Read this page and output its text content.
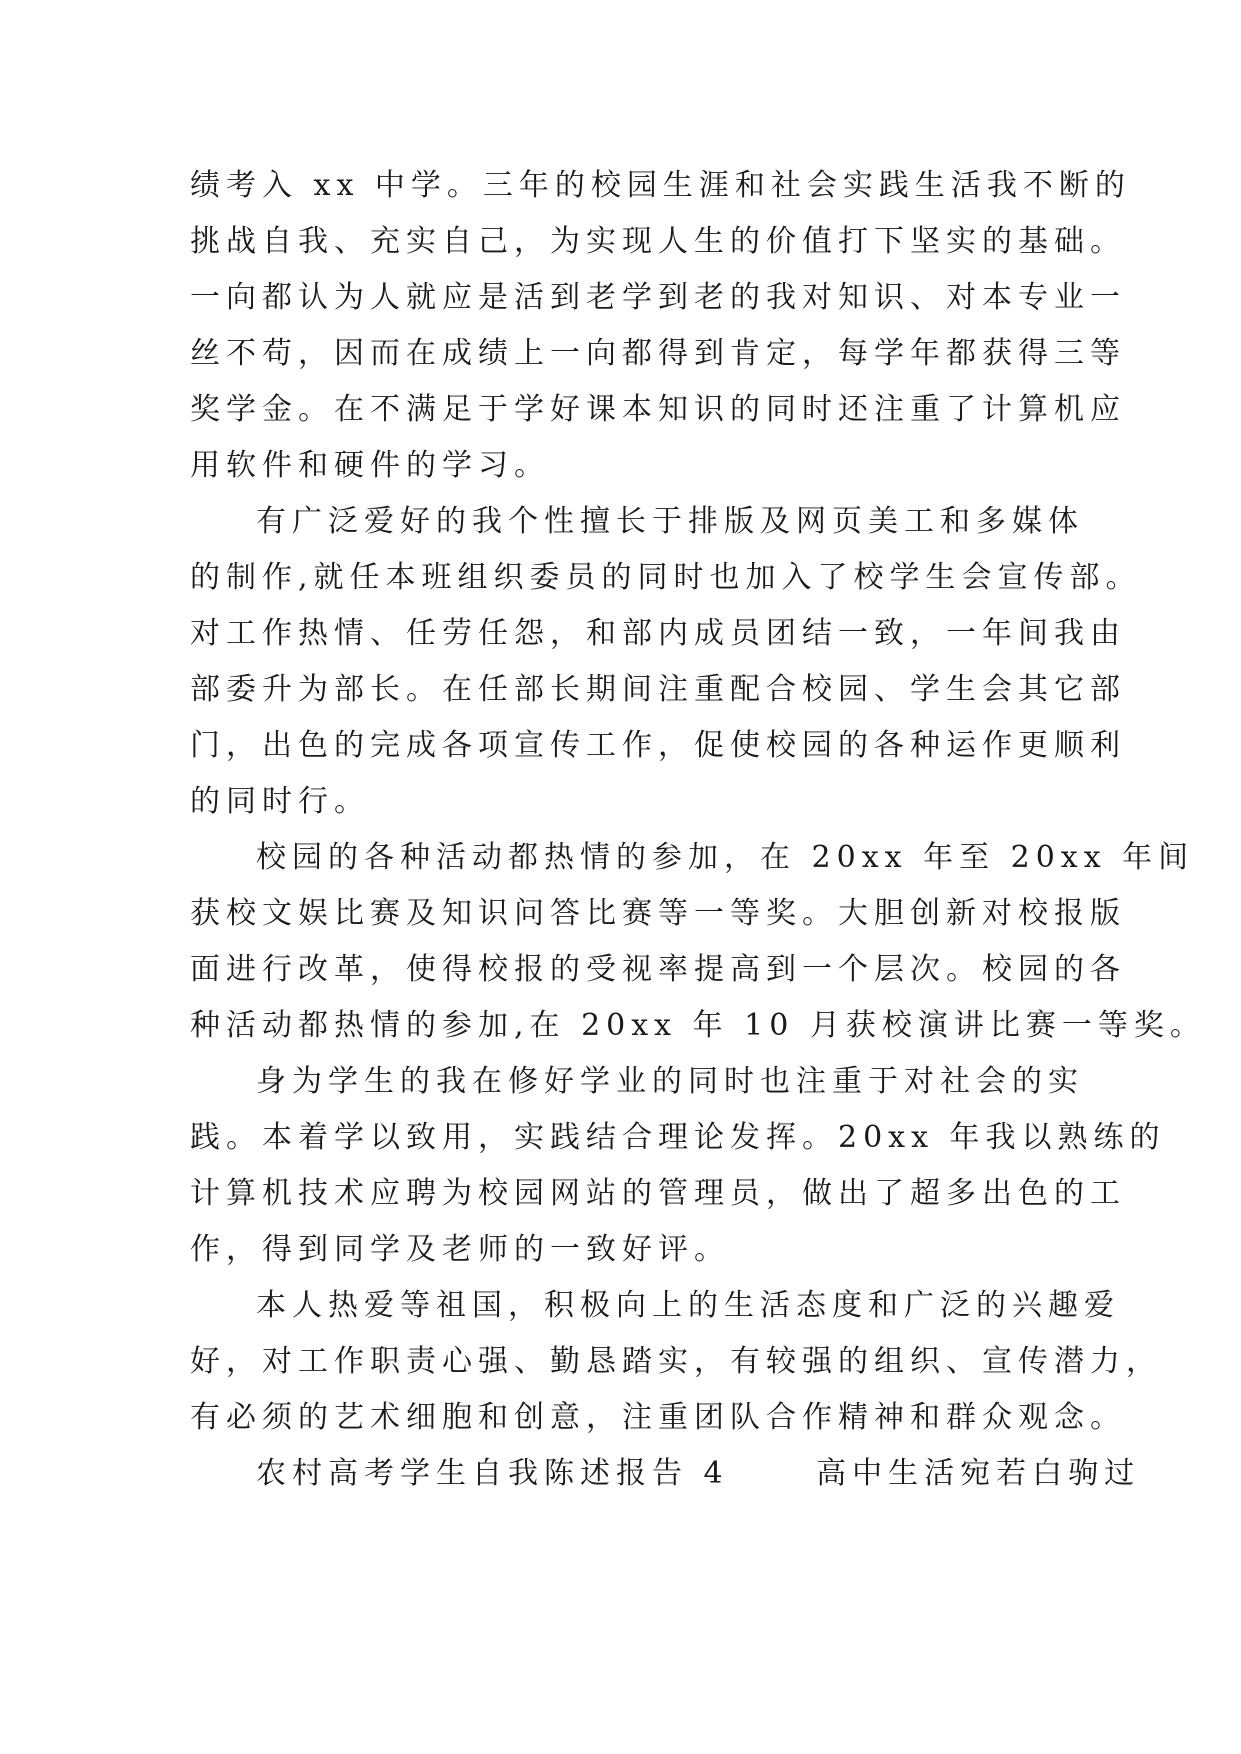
绩考入 xx 中学。三年的校园生涯和社会实践生活我不断的

挑战自我、充实自己，为实现人生的价值打下坚实的基础。

一向都认为人就应是活到老学到老的我对知识、对本专业一

丝不苟，因而在成绩上一向都得到肯定，每学年都获得三等

奖学金。在不满足于学好课本知识的同时还注重了计算机应

用软件和硬件的学习。

有广泛爱好的我个性擅长于排版及网页美工和多媒体

的制作,就任本班组织委员的同时也加入了校学生会宣传部。

对工作热情、任劳任怨，和部内成员团结一致，一年间我由

部委升为部长。在任部长期间注重配合校园、学生会其它部

门，出色的完成各项宣传工作，促使校园的各种运作更顺利

的同时行。

校园的各种活动都热情的参加，在 20xx 年至 20xx 年间

获校文娱比赛及知识问答比赛等一等奖。大胆创新对校报版

面进行改革，使得校报的受视率提高到一个层次。校园的各

种活动都热情的参加,在 20xx 年 10 月获校演讲比赛一等奖。

身为学生的我在修好学业的同时也注重于对社会的实

践。本着学以致用，实践结合理论发挥。20xx 年我以熟练的

计算机技术应聘为校园网站的管理员，做出了超多出色的工

作，得到同学及老师的一致好评。

本人热爱等祖国，积极向上的生活态度和广泛的兴趣爱

好，对工作职责心强、勤恳踏实，有较强的组织、宣传潜力，

有必须的艺术细胞和创意，注重团队合作精神和群众观念。

农村高考学生自我陈述报告 4　　 高中生活宛若白驹过
